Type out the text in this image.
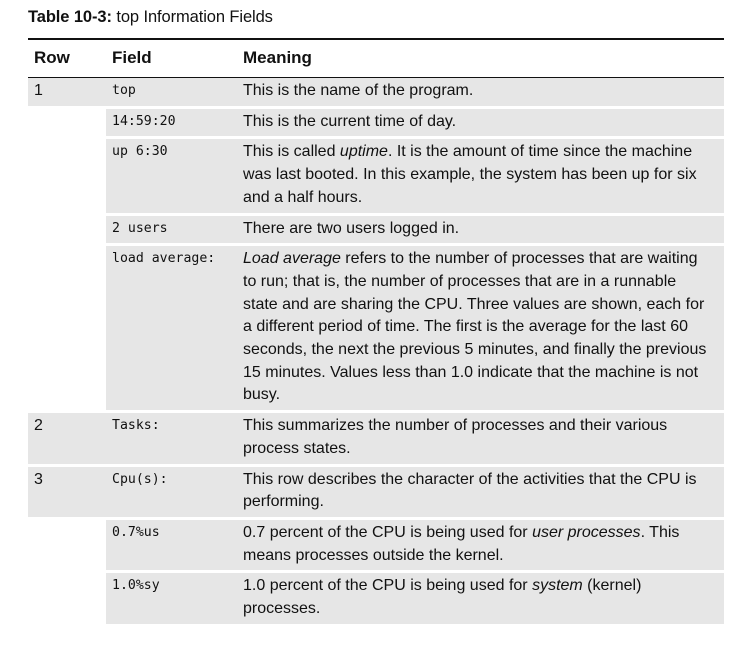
Table 10-3: top Information Fields
Row	Field	Meaning
1	top	This is the name of the program.
	14:59:20	This is the current time of day.
	up 6:30	This is called uptime. It is the amount of time since the machine was last booted. In this example, the system has been up for six and a half hours.
	2 users	There are two users logged in.
	load average:	Load average refers to the number of processes that are waiting to run; that is, the number of processes that are in a runnable state and are sharing the CPU. Three values are shown, each for a different period of time. The first is the average for the last 60 seconds, the next the previous 5 minutes, and finally the previous 15 minutes. Values less than 1.0 indicate that the machine is not busy.
2	Tasks:	This summarizes the number of processes and their various process states.
3	Cpu(s):	This row describes the character of the activities that the CPU is performing.
	0.7%us	0.7 percent of the CPU is being used for user processes. This means processes outside the kernel.
	1.0%sy	1.0 percent of the CPU is being used for system (kernel) processes.
